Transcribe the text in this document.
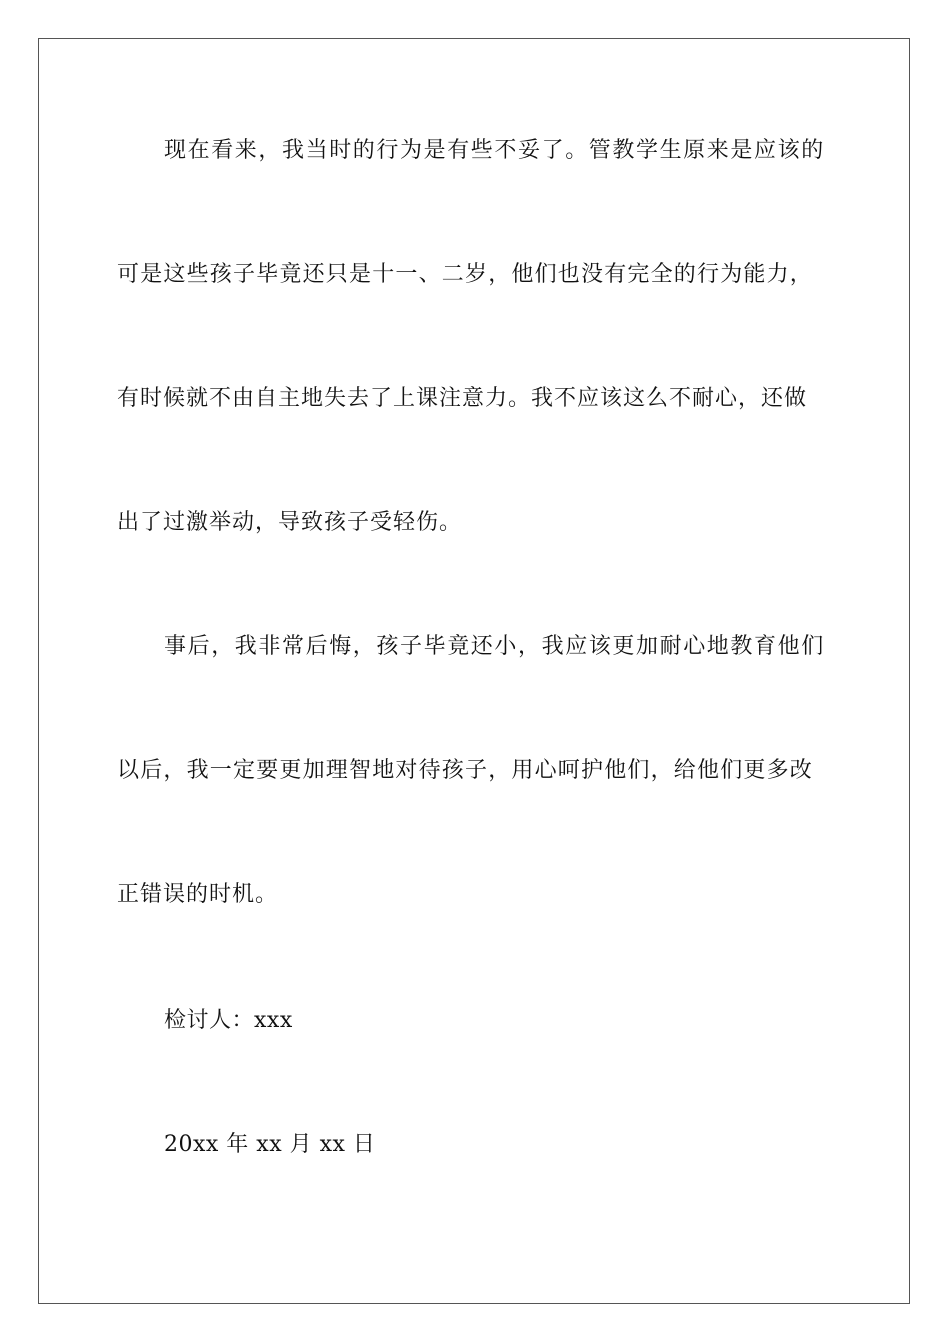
现在看来，我当时的行为是有些不妥了。管教学生原来是应该的
可是这些孩子毕竟还只是十一、二岁，他们也没有完全的行为能力，
有时候就不由自主地失去了上课注意力。我不应该这么不耐心，还做
出了过激举动，导致孩子受轻伤。
事后，我非常后悔，孩子毕竟还小，我应该更加耐心地教育他们
以后，我一定要更加理智地对待孩子，用心呵护他们，给他们更多改
正错误的时机。
检讨人：xxx
20xx 年 xx 月 xx 日
